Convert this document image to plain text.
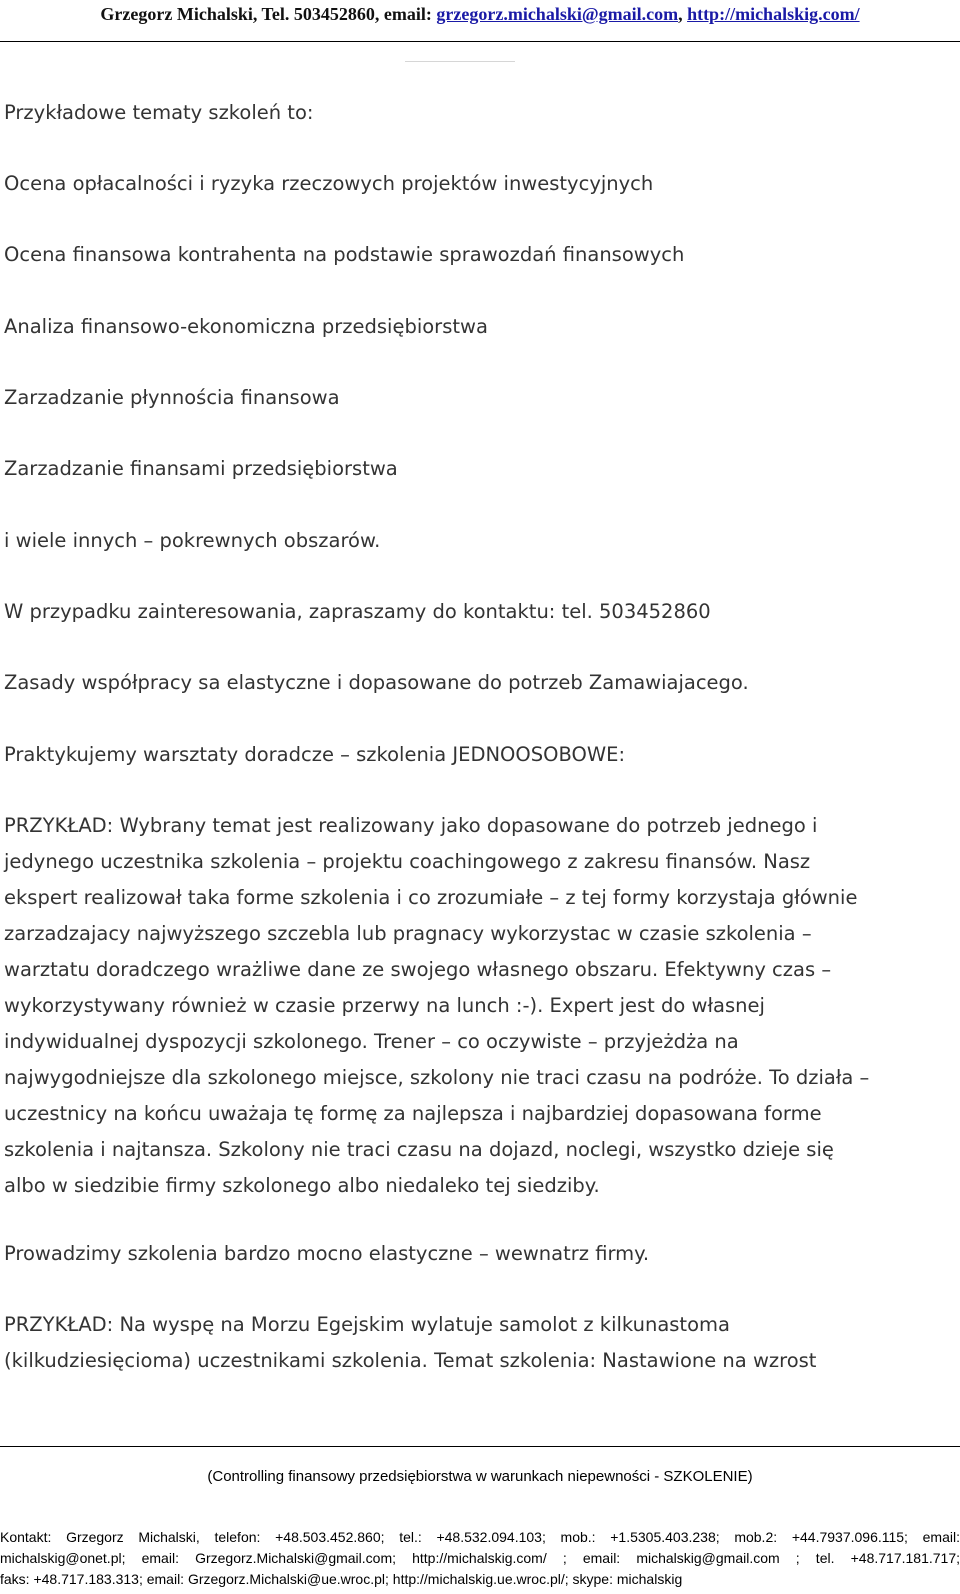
Grzegorz Michalski, Tel. 503452860, email: grzegorz.michalski@gmail.com, http://michalskig.com/
Przykładowe tematy szkoleń to:
Ocena opłacalności i ryzyka rzeczowych projektów inwestycyjnych
Ocena finansowa kontrahenta na podstawie sprawozdań finansowych
Analiza finansowo-ekonomiczna przedsiębiorstwa
Zarzadzanie płynnościa finansowa
Zarzadzanie finansami przedsiębiorstwa
i wiele innych – pokrewnych obszarów.
W przypadku zainteresowania, zapraszamy do kontaktu: tel. 503452860
Zasady współpracy sa elastyczne i dopasowane do potrzeb Zamawiajacego.
Praktykujemy warsztaty doradcze – szkolenia JEDNOOSOBOWE:
PRZYKŁAD: Wybrany temat jest realizowany jako dopasowane do potrzeb jednego i
jedynego uczestnika szkolenia – projektu coachingowego z zakresu finansów. Nasz
ekspert realizował taka forme szkolenia i co zrozumiałe – z tej formy korzystaja głównie
zarzadzajacy najwyższego szczebla lub pragnacy wykorzystac w czasie szkolenia –
warztatu doradczego wrażliwe dane ze swojego własnego obszaru. Efektywny czas –
wykorzystywany również w czasie przerwy na lunch :-). Expert jest do własnej
indywidualnej dyspozycji szkolonego. Trener – co oczywiste – przyjeżdża na
najwygodniejsze dla szkolonego miejsce, szkolony nie traci czasu na podróże. To działa –
uczestnicy na końcu uważaja tę formę za najlepsza i najbardziej dopasowana forme
szkolenia i najtansza. Szkolony nie traci czasu na dojazd, noclegi, wszystko dzieje się
albo w siedzibie firmy szkolonego albo niedaleko tej siedziby.
Prowadzimy szkolenia bardzo mocno elastyczne – wewnatrz firmy.
PRZYKŁAD: Na wyspę na Morzu Egejskim wylatuje samolot z kilkunastoma
(kilkudziesięcioma) uczestnikami szkolenia. Temat szkolenia: Nastawione na wzrost
(Controlling finansowy przedsiębiorstwa w warunkach niepewności - SZKOLENIE)
Kontakt: Grzegorz Michalski, telefon: +48.503.452.860; tel.: +48.532.094.103; mob.: +1.5305.403.238; mob.2: +44.7937.096.115; email:
michalskig@onet.pl; email: Grzegorz.Michalski@gmail.com; http://michalskig.com/ ; email: michalskig@gmail.com ; tel. +48.717.181.717;
faks: +48.717.183.313; email: Grzegorz.Michalski@ue.wroc.pl; http://michalskig.ue.wroc.pl/; skype: michalskig
